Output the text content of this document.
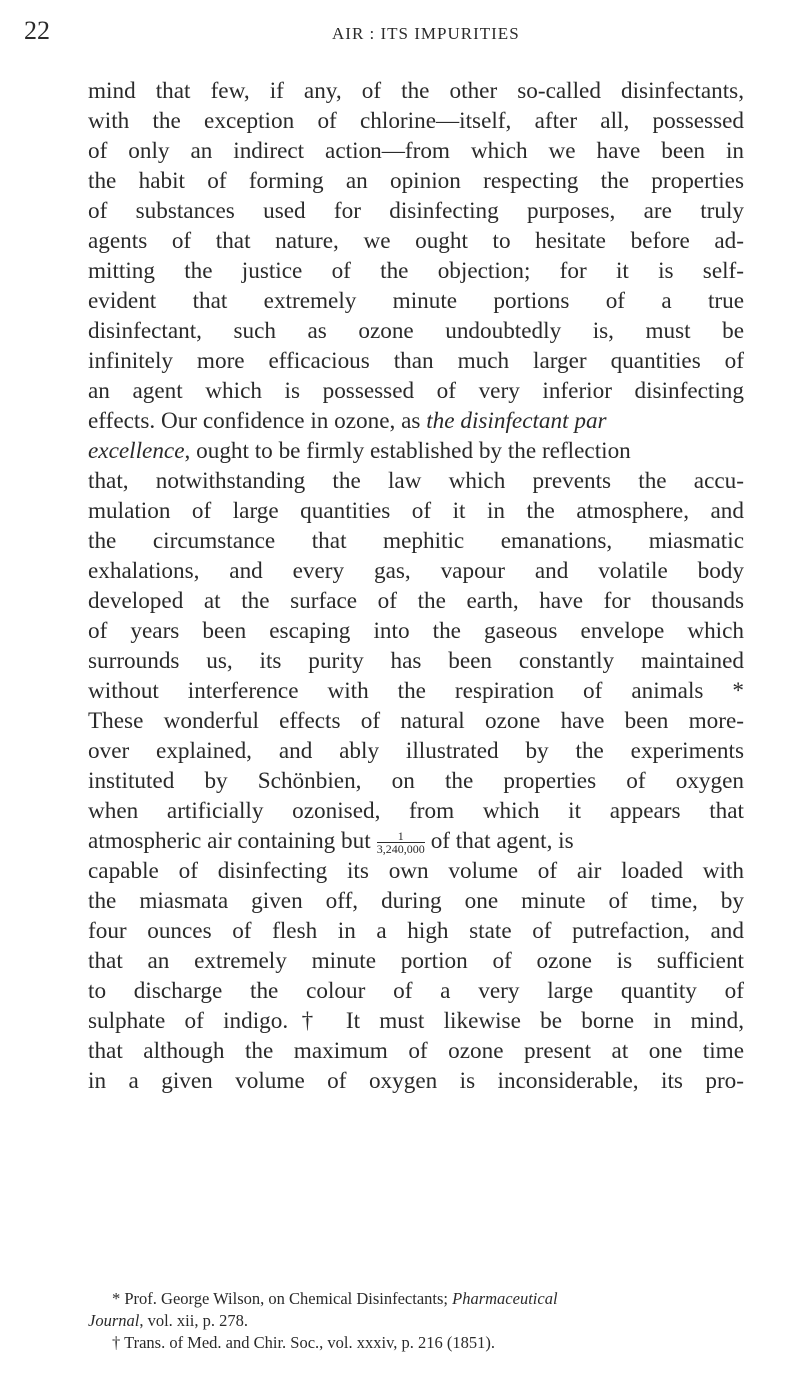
22	AIR : ITS IMPURITIES
mind that few, if any, of the other so-called disinfectants,
with the exception of chlorine—itself, after all, possessed
of only an indirect action—from which we have been in
the habit of forming an opinion respecting the properties
of substances used for disinfecting purposes, are truly
agents of that nature, we ought to hesitate before ad-
mitting the justice of the objection; for it is self-
evident that extremely minute portions of a true
disinfectant, such as ozone undoubtedly is, must be
infinitely more efficacious than much larger quantities of
an agent which is possessed of very inferior disinfecting
effects. Our confidence in ozone, as the disinfectant par
excellence, ought to be firmly established by the reflection
that, notwithstanding the law which prevents the accu-
mulation of large quantities of it in the atmosphere, and
the circumstance that mephitic emanations, miasmatic
exhalations, and every gas, vapour and volatile body
developed at the surface of the earth, have for thousands
of years been escaping into the gaseous envelope which
surrounds us, its purity has been constantly maintained
without interference with the respiration of animals *
These wonderful effects of natural ozone have been more-
over explained, and ably illustrated by the experiments
instituted by Schönbien, on the properties of oxygen
when artificially ozonised, from which it appears that
atmospheric air containing but $\frac{1}{3,240,000}$ of that agent, is
capable of disinfecting its own volume of air loaded with
the miasmata given off, during one minute of time, by
four ounces of flesh in a high state of putrefaction, and
that an extremely minute portion of ozone is sufficient
to discharge the colour of a very large quantity of
sulphate of indigo.† It must likewise be borne in mind,
that although the maximum of ozone present at one time
in a given volume of oxygen is inconsiderable, its pro-
* Prof. George Wilson, on Chemical Disinfectants; Pharmaceutical
Journal, vol. xii, p. 278.
† Trans. of Med. and Chir. Soc., vol. xxxiv, p. 216 (1851).
